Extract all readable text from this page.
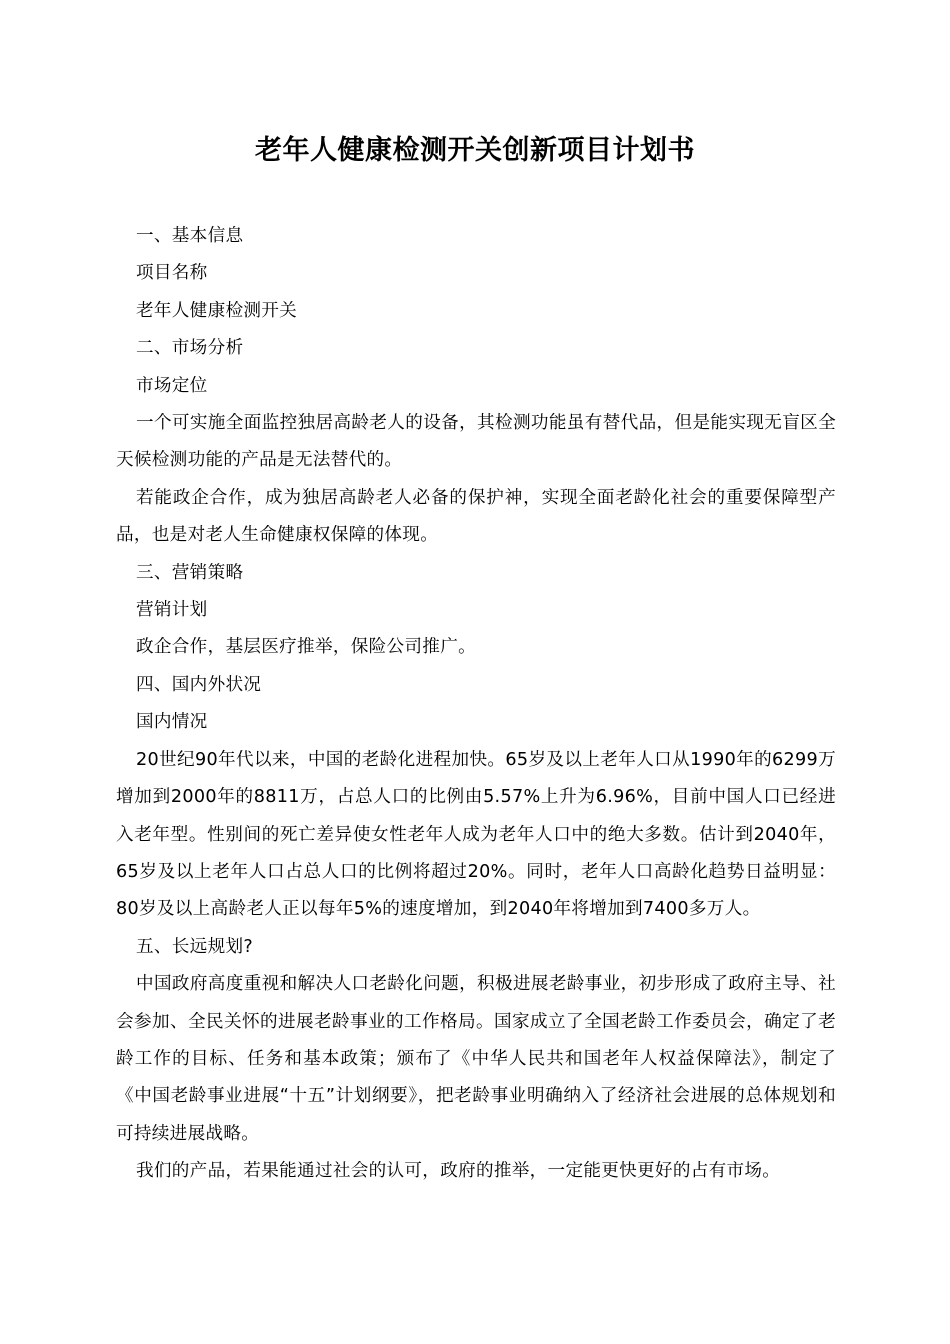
老年人健康检测开关创新项目计划书

一、基本信息

项目名称

老年人健康检测开关

二、市场分析

市场定位

一个可实施全面监控独居高龄老人的设备，其检测功能虽有替代品，但是能实现无盲区全天候检测功能的产品是无法替代的。

若能政企合作，成为独居高龄老人必备的保护神，实现全面老龄化社会的重要保障型产品，也是对老人生命健康权保障的体现。

三、营销策略

营销计划

政企合作，基层医疗推举，保险公司推广。

四、国内外状况

国内情况

20世纪90年代以来，中国的老龄化进程加快。65岁及以上老年人口从1990年的6299万增加到2000年的8811万，占总人口的比例由5.57%上升为6.96%，目前中国人口已经进入老年型。性别间的死亡差异使女性老年人成为老年人口中的绝大多数。估计到2040年，65岁及以上老年人口占总人口的比例将超过20%。同时，老年人口高龄化趋势日益明显：80岁及以上高龄老人正以每年5%的速度增加，到2040年将增加到7400多万人。

五、长远规划?

中国政府高度重视和解决人口老龄化问题，积极进展老龄事业，初步形成了政府主导、社会参加、全民关怀的进展老龄事业的工作格局。国家成立了全国老龄工作委员会，确定了老龄工作的目标、任务和基本政策；颁布了《中华人民共和国老年人权益保障法》，制定了《中国老龄事业进展“十五”计划纲要》，把老龄事业明确纳入了经济社会进展的总体规划和可持续进展战略。

我们的产品，若果能通过社会的认可，政府的推举，一定能更快更好的占有市场。
